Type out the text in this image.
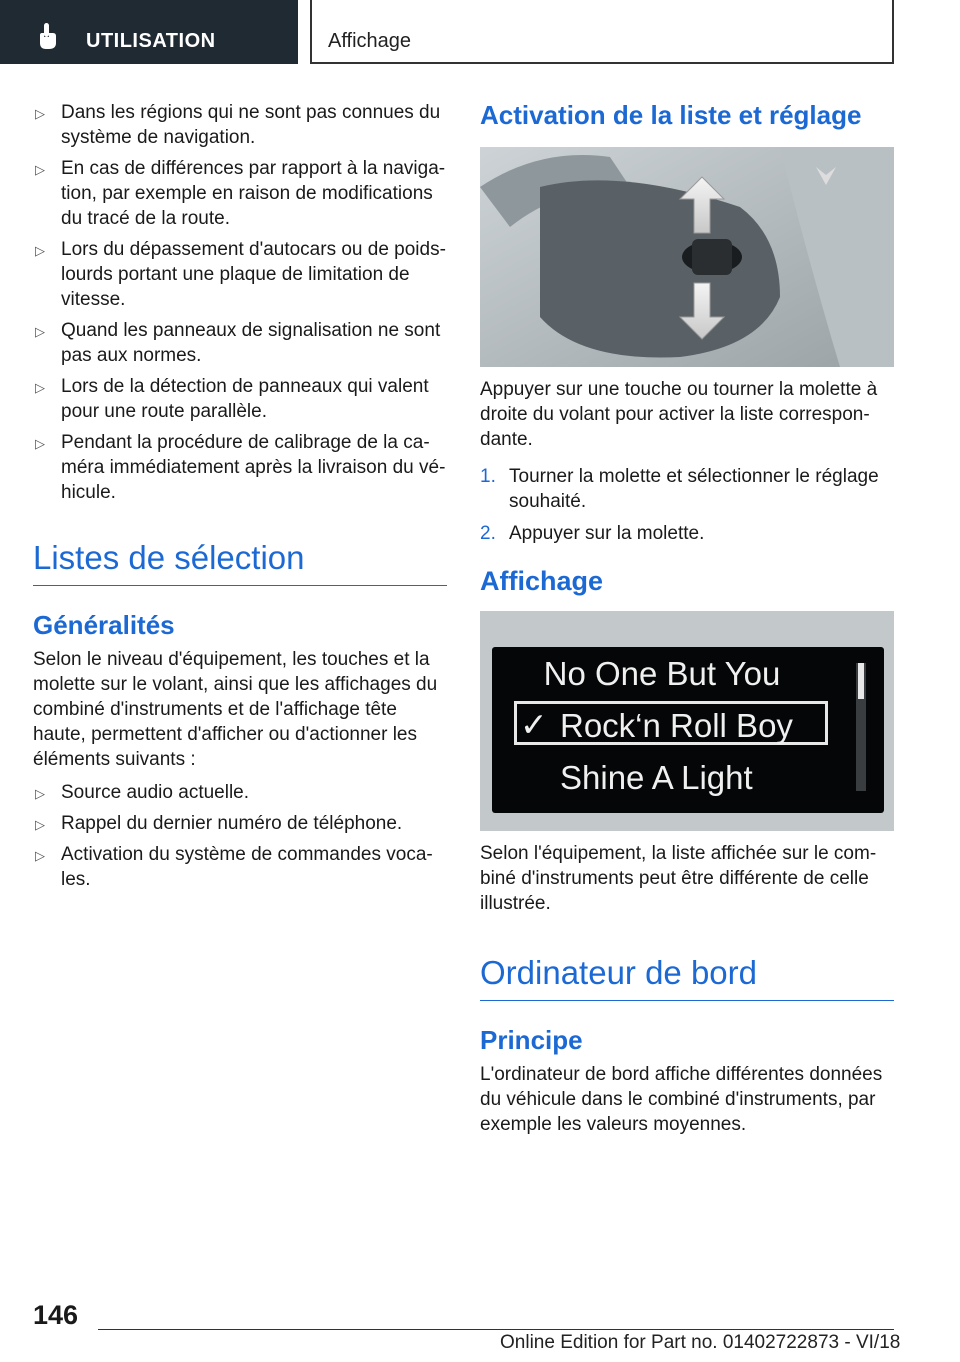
UTILISATION	Affichage
▷ Dans les régions qui ne sont pas connues du système de navigation.
▷ En cas de différences par rapport à la navigation, par exemple en raison de modifications du tracé de la route.
▷ Lors du dépassement d'autocars ou de poids-lourds portant une plaque de limitation de vitesse.
▷ Quand les panneaux de signalisation ne sont pas aux normes.
▷ Lors de la détection de panneaux qui valent pour une route parallèle.
▷ Pendant la procédure de calibrage de la caméra immédiatement après la livraison du véhicule.
Listes de sélection
Généralités

Selon le niveau d'équipement, les touches et la molette sur le volant, ainsi que les affichages du combiné d'instruments et de l'affichage tête haute, permettent d'afficher ou d'actionner les éléments suivants :

▷ Source audio actuelle.
▷ Rappel du dernier numéro de téléphone.
▷ Activation du système de commandes vocales.
Activation de la liste et réglage

Appuyer sur une touche ou tourner la molette à droite du volant pour activer la liste correspondante.

1. Tourner la molette et sélectionner le réglage souhaité.
2. Appuyer sur la molette.
Affichage
No One But You
✓ Rock‘n Roll Boy
Shine A Light

Selon l'équipement, la liste affichée sur le combiné d'instruments peut être différente de celle illustrée.

Ordinateur de bord
Principe

L'ordinateur de bord affiche différentes données du véhicule dans le combiné d'instruments, par exemple les valeurs moyennes.

146
Online Edition for Part no. 01402722873 - VI/18
